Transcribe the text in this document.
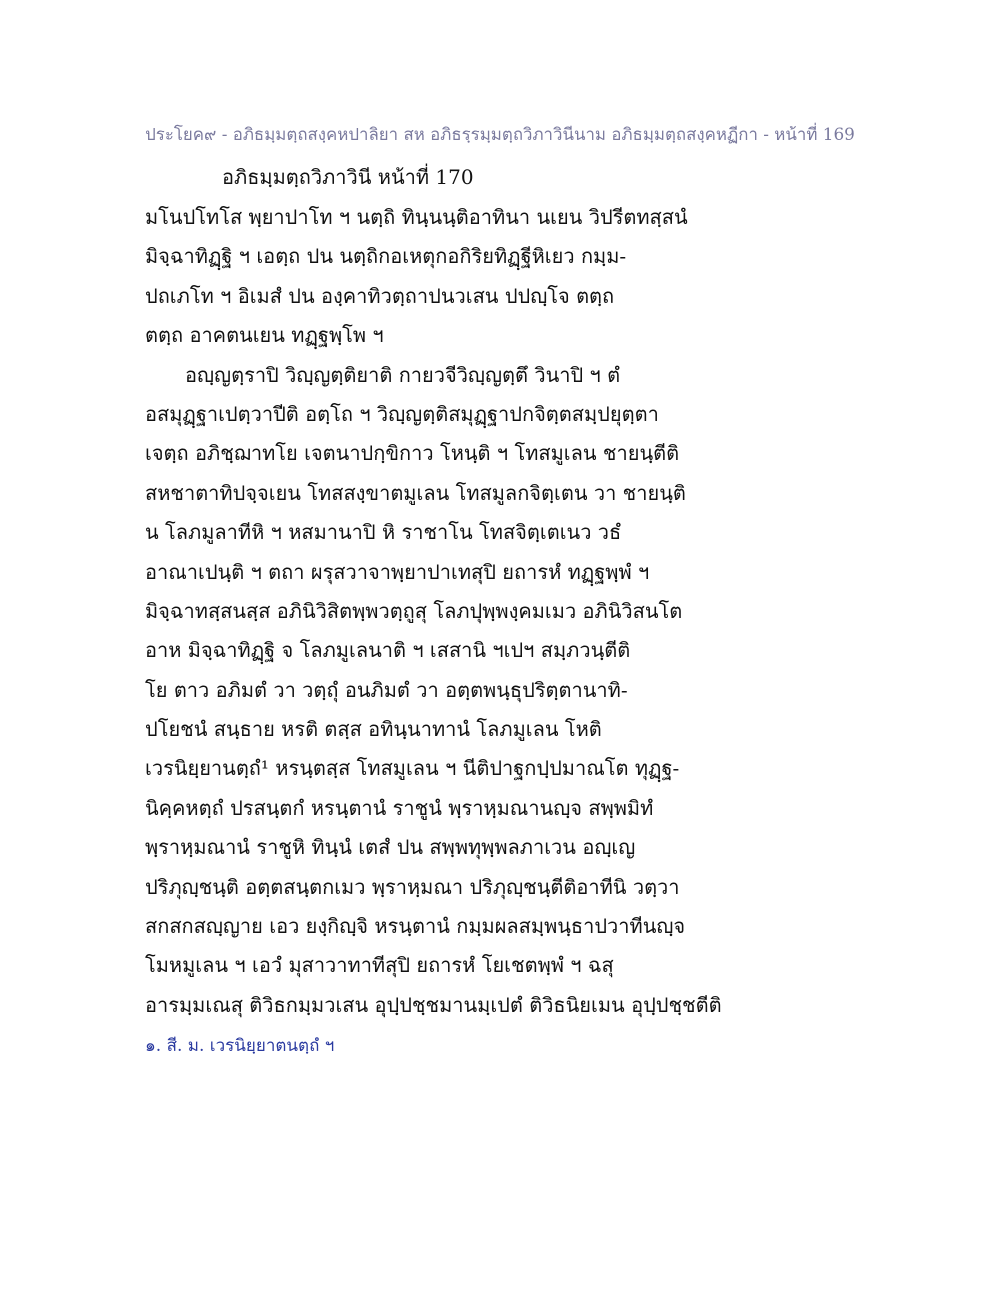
ประโยค๙ - อภิธมฺมตฺถสงฺคหปาลิยา สห อภิธรฺรมฺมตฺถวิภาวินีนาม อภิธมฺมตฺถสงฺคหฏีกา - หน้าที่ 169
อภิธมฺมตฺถวิภาวินี หน้าที่ 170
มโนปโทโส พฺยาปาโท ฯ นตฺถิ ทินฺนนฺติอาทินา นเยน วิปรีตทสฺสนํ
มิจฺฉาทิฏฺฐิ ฯ เอตฺถ ปน นตฺถิกอเหตุกอกิริยทิฏฺฐีหิเยว กมฺม-
ปถเภโท ฯ อิเมสํ ปน องฺคาทิวตฺถาปนวเสน ปปญฺโจ ตตฺถ
ตตฺถ อาคตนเยน ทฏฺฐพฺโพ ฯ
อญฺญตฺราปิ วิญฺญตฺติยาติ กายวจีวิญฺญตฺตึ วินาปิ ฯ ตํ
อสมุฏฺฐาเปตฺวาปีติ อตฺโถ ฯ วิญฺญตฺติสมุฏฺฐาปกจิตฺตสมฺปยุตฺตา
เจตฺถ อภิชฺฌาทโย เจตนาปกฺขิกาว โหนฺติ ฯ โทสมูเลน ชายนฺตีติ
สหชาตาทิปจฺจเยน โทสสงฺขาตมูเลน โทสมูลกจิตฺเตน วา ชายนฺติ
น โลภมูลาทีหิ ฯ หสมานาปิ หิ ราชาโน โทสจิตฺเตเนว วธํ
อาณาเปนฺติ ฯ ตถา ผรุสวาจาพฺยาปาเทสุปิ ยถารหํ ทฏฺฐพฺพํ ฯ
มิจฺฉาทสฺสนสฺส อภินิวิสิตพฺพวตฺถูสุ โลภปุพฺพงฺคมเมว อภินิวิสนโต
อาห มิจฺฉาทิฏฺฐิ จ โลภมูเลนาติ ฯ เสสานิ ฯเปฯ สมฺภวนฺตีติ
โย ตาว อภิมตํ วา วตฺถุํ อนภิมตํ วา อตฺตพนฺธุปริตฺตานาทิ-
ปโยชนํ สนฺธาย หรติ ตสฺส อทินฺนาทานํ โลภมูเลน โหติ
เวรนิยฺยานตฺถํ¹ หรนฺตสฺส โทสมูเลน ฯ นีติปาฐกปฺปมาณโต ทุฏฺฐ-
นิคฺคหตฺถํ ปรสนฺตกํ หรนฺตานํ ราชูนํ พฺราหฺมณานญฺจ สพฺพมิทํ
พฺราหฺมณานํ ราชูหิ ทินฺนํ เตสํ ปน สพฺพทุพฺพลภาเวน อญฺเญ
ปริภุญฺชนฺติ อตฺตสนฺตกเมว พฺราหฺมณา ปริภุญฺชนฺตีติอาทีนิ วตฺวา
สกสกสญฺญาย เอว ยงฺกิญฺจิ หรนฺตานํ กมฺมผลสมฺพนฺธาปวาทีนญฺจ
โมหมูเลน ฯ เอวํ มุสาวาทาทีสุปิ ยถารหํ โยเชตพฺพํ ฯ ฉสุ
อารมฺมเณสุ ติวิธกมฺมวเสน อุปฺปชฺชมานมฺเปตํ ติวิธนิยเมน อุปฺปชฺชตีติ
๑. สี. ม. เวรนิยฺยาตนตฺถํ ฯ
